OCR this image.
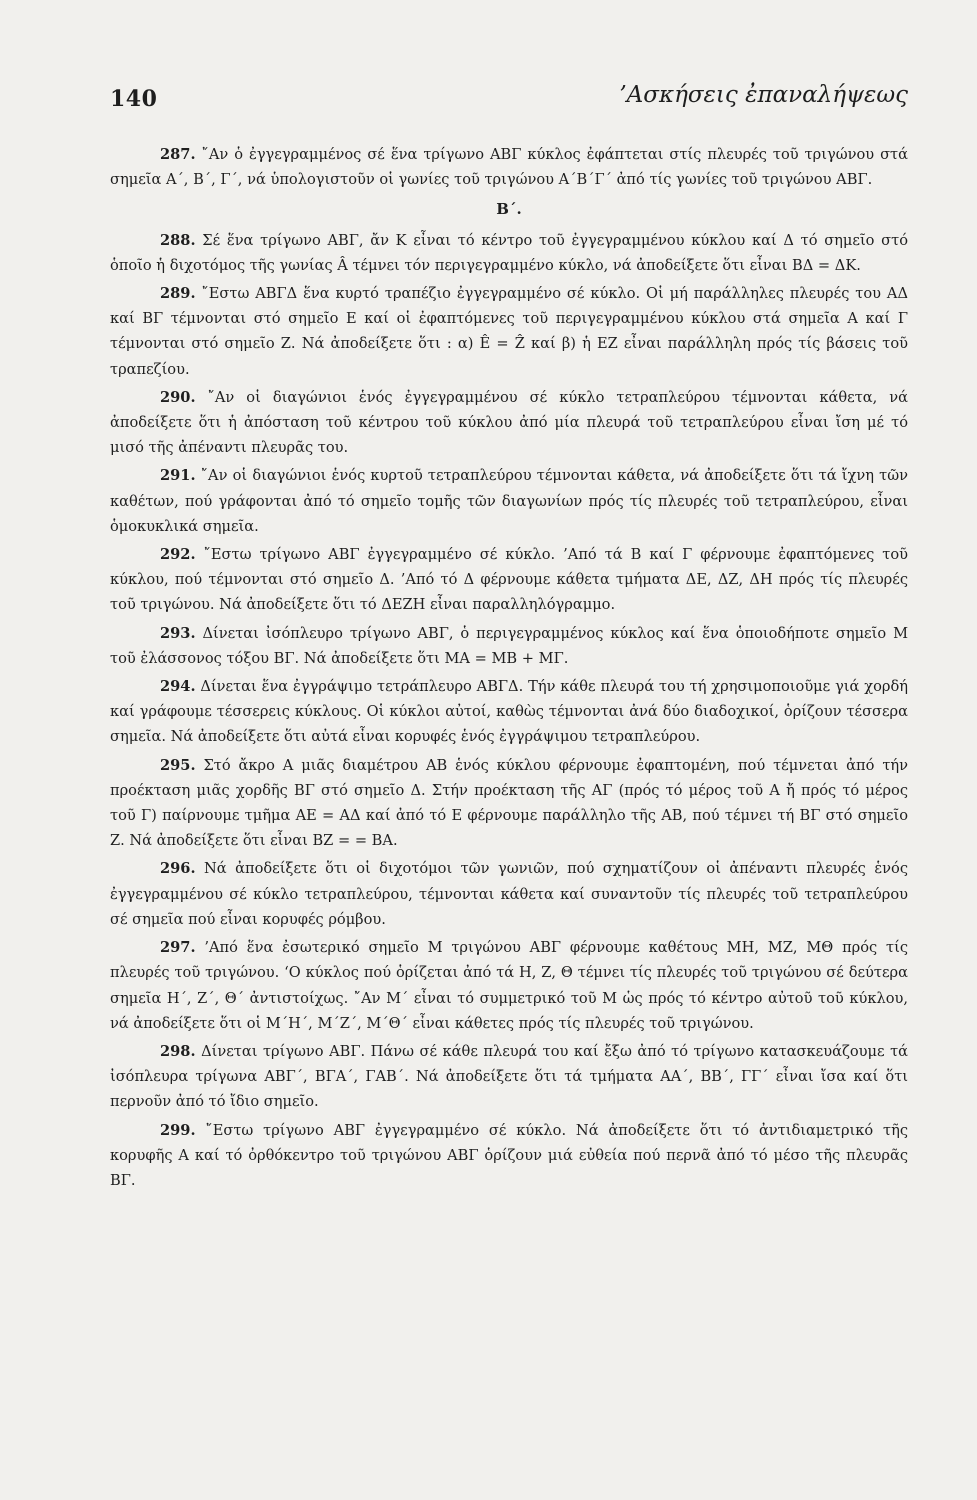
140	’Ασκήσεις ἐπαναλήψεως

287. ῎Αν ὁ ἐγγεγραμμένος σέ ἕνα τρίγωνο ΑΒΓ κύκλος ἐφάπτεται στίς πλευρές τοῦ τριγώνου στά σημεῖα Α΄, Β΄, Γ΄, νά ὑπολογιστοῦν οἱ γωνίες τοῦ τριγώνου Α΄Β΄Γ΄ ἀπό τίς γωνίες τοῦ τριγώνου ΑΒΓ.

Β΄.

288. Σέ ἕνα τρίγωνο ΑΒΓ, ἄν Κ εἶναι τό κέντρο τοῦ ἐγγεγραμμένου κύκλου καί Δ τό σημεῖο στό ὁποῖο ἡ διχοτόμος τῆς γωνίας Â τέμνει τόν περιγεγραμμένο κύκλο, νά ἀποδείξετε ὅτι εἶναι ΒΔ = ΔΚ.

289. ῎Εστω ΑΒΓΔ ἕνα κυρτό τραπέζιο ἐγγεγραμμένο σέ κύκλο. Οἱ μή παράλληλες πλευρές του ΑΔ καί ΒΓ τέμνονται στό σημεῖο Ε καί οἱ ἐφαπτόμενες τοῦ περιγεγραμμένου κύκλου στά σημεῖα Α καί Γ τέμνονται στό σημεῖο Ζ. Νά ἀποδείξετε ὅτι : α) Ê = Ẑ καί β) ἡ ΕΖ εἶναι παράλληλη πρός τίς βάσεις τοῦ τραπεζίου.

290. ῎Αν οἱ διαγώνιοι ἑνός ἐγγεγραμμένου σέ κύκλο τετραπλεύρου τέμνονται κάθετα, νά ἀποδείξετε ὅτι ἡ ἀπόσταση τοῦ κέντρου τοῦ κύκλου ἀπό μία πλευρά τοῦ τετραπλεύρου εἶναι ἴση μέ τό μισό τῆς ἀπέναντι πλευρᾶς του.

291. ῎Αν οἱ διαγώνιοι ἑνός κυρτοῦ τετραπλεύρου τέμνονται κάθετα, νά ἀποδείξετε ὅτι τά ἴχνη τῶν καθέτων, πού γράφονται ἀπό τό σημεῖο τομῆς τῶν διαγωνίων πρός τίς πλευρές τοῦ τετραπλεύρου, εἶναι ὁμοκυκλικά σημεῖα.

292. ῎Εστω τρίγωνο ΑΒΓ ἐγγεγραμμένο σέ κύκλο. ’Από τά Β καί Γ φέρνουμε ἐφαπτόμενες τοῦ κύκλου, πού τέμνονται στό σημεῖο Δ. ’Από τό Δ φέρνουμε κάθετα τμήματα ΔΕ, ΔΖ, ΔΗ πρός τίς πλευρές τοῦ τριγώνου. Νά ἀποδείξετε ὅτι τό ΔΕΖΗ εἶναι παραλληλόγραμμο.

293. Δίνεται ἰσόπλευρο τρίγωνο ΑΒΓ, ὁ περιγεγραμμένος κύκλος καί ἕνα ὁποιοδήποτε σημεῖο Μ τοῦ ἐλάσσονος τόξου ΒΓ. Νά ἀποδείξετε ὅτι ΜΑ = ΜΒ + ΜΓ.

294. Δίνεται ἕνα ἐγγράψιμο τετράπλευρο ΑΒΓΔ. Τήν κάθε πλευρά του τή χρησιμοποιοῦμε γιά χορδή καί γράφουμε τέσσερεις κύκλους. Οἱ κύκλοι αὐτοί, καθὼς τέμνονται ἀνά δύο διαδοχικοί, ὁρίζουν τέσσερα σημεῖα. Νά ἀποδείξετε ὅτι αὐτά εἶναι κορυφές ἑνός ἐγγράψιμου τετραπλεύρου.

295. Στό ἄκρο Α μιᾶς διαμέτρου ΑΒ ἑνός κύκλου φέρνουμε ἐφαπτομένη, πού τέμνεται ἀπό τήν προέκταση μιᾶς χορδῆς ΒΓ στό σημεῖο Δ. Στήν προέκταση τῆς ΑΓ (πρός τό μέρος τοῦ Α ἤ πρός τό μέρος τοῦ Γ) παίρνουμε τμῆμα ΑΕ = ΑΔ καί ἀπό τό Ε φέρνουμε παράλληλο τῆς ΑΒ, πού τέμνει τή ΒΓ στό σημεῖο Ζ. Νά ἀποδείξετε ὅτι εἶναι ΒΖ = = ΒΑ.

296. Νά ἀποδείξετε ὅτι οἱ διχοτόμοι τῶν γωνιῶν, πού σχηματίζουν οἱ ἀπέναντι πλευρές ἑνός ἐγγεγραμμένου σέ κύκλο τετραπλεύρου, τέμνονται κάθετα καί συναντοῦν τίς πλευρές τοῦ τετραπλεύρου σέ σημεῖα πού εἶναι κορυφές ρόμβου.

297. ’Από ἕνα ἐσωτερικό σημεῖο Μ τριγώνου ΑΒΓ φέρνουμε καθέτους ΜΗ, ΜΖ, ΜΘ πρός τίς πλευρές τοῦ τριγώνου. ‘Ο κύκλος πού ὁρίζεται ἀπό τά Η, Ζ, Θ τέμνει τίς πλευρές τοῦ τριγώνου σέ δεύτερα σημεῖα Η΄, Ζ΄, Θ΄ ἀντιστοίχως. ῎Αν Μ΄ εἶναι τό συμμετρικό τοῦ Μ ὡς πρός τό κέντρο αὐτοῦ τοῦ κύκλου, νά ἀποδείξετε ὅτι οἱ Μ΄Η΄, Μ΄Ζ΄, Μ΄Θ΄ εἶναι κάθετες πρός τίς πλευρές τοῦ τριγώνου.

298. Δίνεται τρίγωνο ΑΒΓ. Πάνω σέ κάθε πλευρά του καί ἔξω ἀπό τό τρίγωνο κατασκευάζουμε τά ἰσόπλευρα τρίγωνα ΑΒΓ΄, ΒΓΑ΄, ΓΑΒ΄. Νά ἀποδείξετε ὅτι τά τμήματα ΑΑ΄, ΒΒ΄, ΓΓ΄ εἶναι ἴσα καί ὅτι περνοῦν ἀπό τό ἴδιο σημεῖο.

299. ῎Εστω τρίγωνο ΑΒΓ ἐγγεγραμμένο σέ κύκλο. Νά ἀποδείξετε ὅτι τό ἀντιδιαμετρικό τῆς κορυφῆς Α καί τό ὀρθόκεντρο τοῦ τριγώνου ΑΒΓ ὁρίζουν μιά εὐθεία πού περνᾶ ἀπό τό μέσο τῆς πλευρᾶς ΒΓ.
